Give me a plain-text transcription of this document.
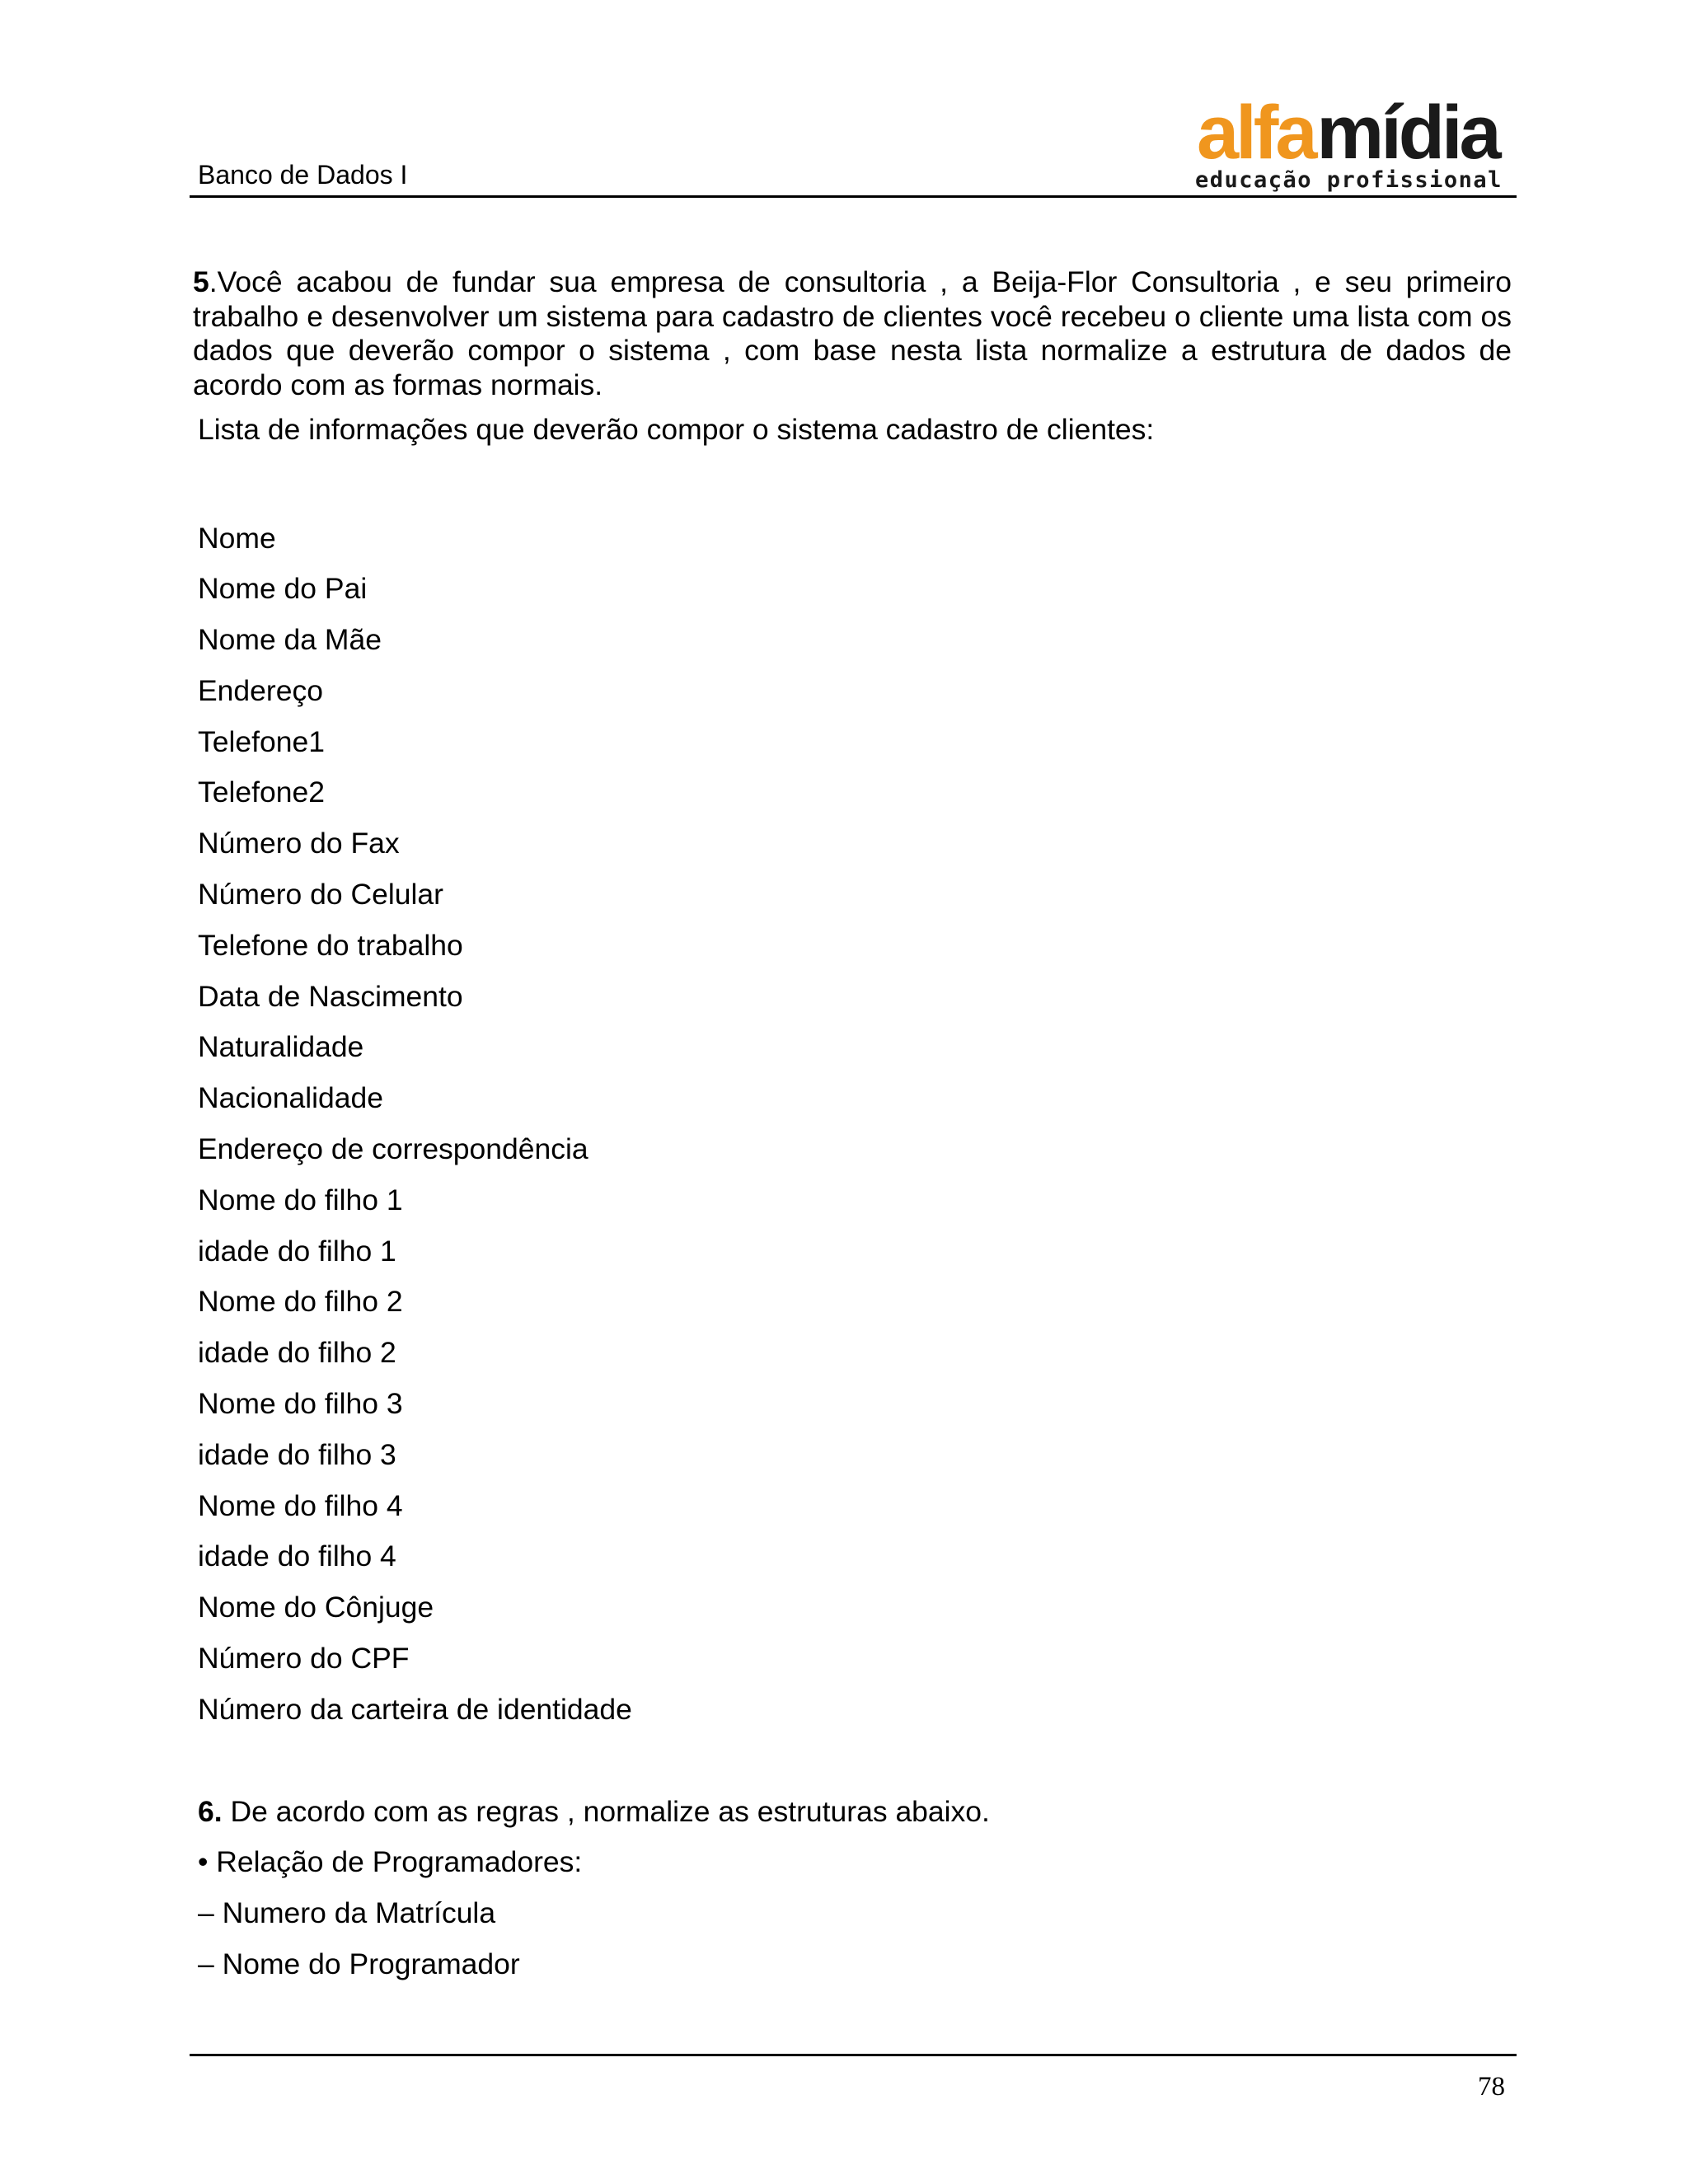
Banco de Dados I	alfa mídia
educação profissional

5.Você acabou de fundar sua empresa de consultoria , a Beija-Flor Consultoria , e seu primeiro trabalho e desenvolver um sistema para cadastro de clientes você recebeu o cliente uma lista com os dados que deverão compor o sistema , com base nesta lista normalize a estrutura de dados de acordo com as formas normais.

Lista de informações que deverão compor o sistema cadastro de clientes:
Nome
Nome do Pai
Nome da Mãe
Endereço
Telefone1
Telefone2
Número do Fax
Número do Celular
Telefone do trabalho
Data de Nascimento
Naturalidade
Nacionalidade
Endereço de correspondência
Nome do filho 1
idade do filho 1
Nome do filho 2
idade do filho 2
Nome do filho 3
idade do filho 3
Nome do filho 4
idade do filho 4
Nome do Cônjuge
Número do CPF
Número da carteira de identidade
6. De acordo com as regras , normalize as estruturas abaixo.
• Relação de Programadores:
– Numero da Matrícula
– Nome do Programador
78
